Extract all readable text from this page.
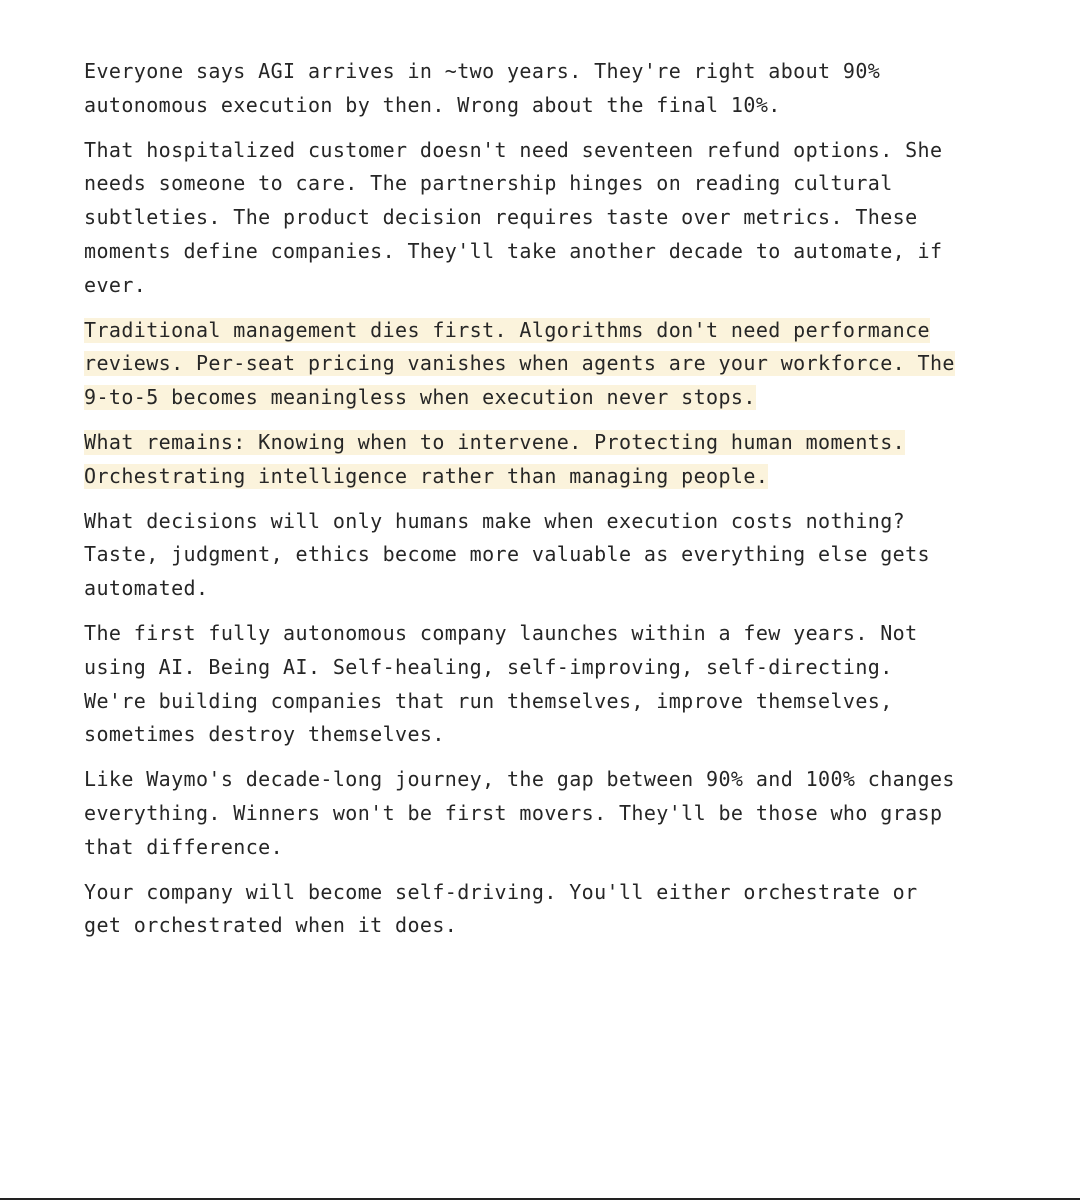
Everyone says AGI arrives in ~two years. They're right about 90%
autonomous execution by then. Wrong about the final 10%.

That hospitalized customer doesn't need seventeen refund options. She
needs someone to care. The partnership hinges on reading cultural
subtleties. The product decision requires taste over metrics. These
moments define companies. They'll take another decade to automate, if
ever.

Traditional management dies first. Algorithms don't need performance
reviews. Per-seat pricing vanishes when agents are your workforce. The
9-to-5 becomes meaningless when execution never stops.

What remains: Knowing when to intervene. Protecting human moments.
Orchestrating intelligence rather than managing people.

What decisions will only humans make when execution costs nothing?
Taste, judgment, ethics become more valuable as everything else gets
automated.

The first fully autonomous company launches within a few years. Not
using AI. Being AI. Self-healing, self-improving, self-directing.
We're building companies that run themselves, improve themselves,
sometimes destroy themselves.

Like Waymo's decade-long journey, the gap between 90% and 100% changes
everything. Winners won't be first movers. They'll be those who grasp
that difference.

Your company will become self-driving. You'll either orchestrate or
get orchestrated when it does.
